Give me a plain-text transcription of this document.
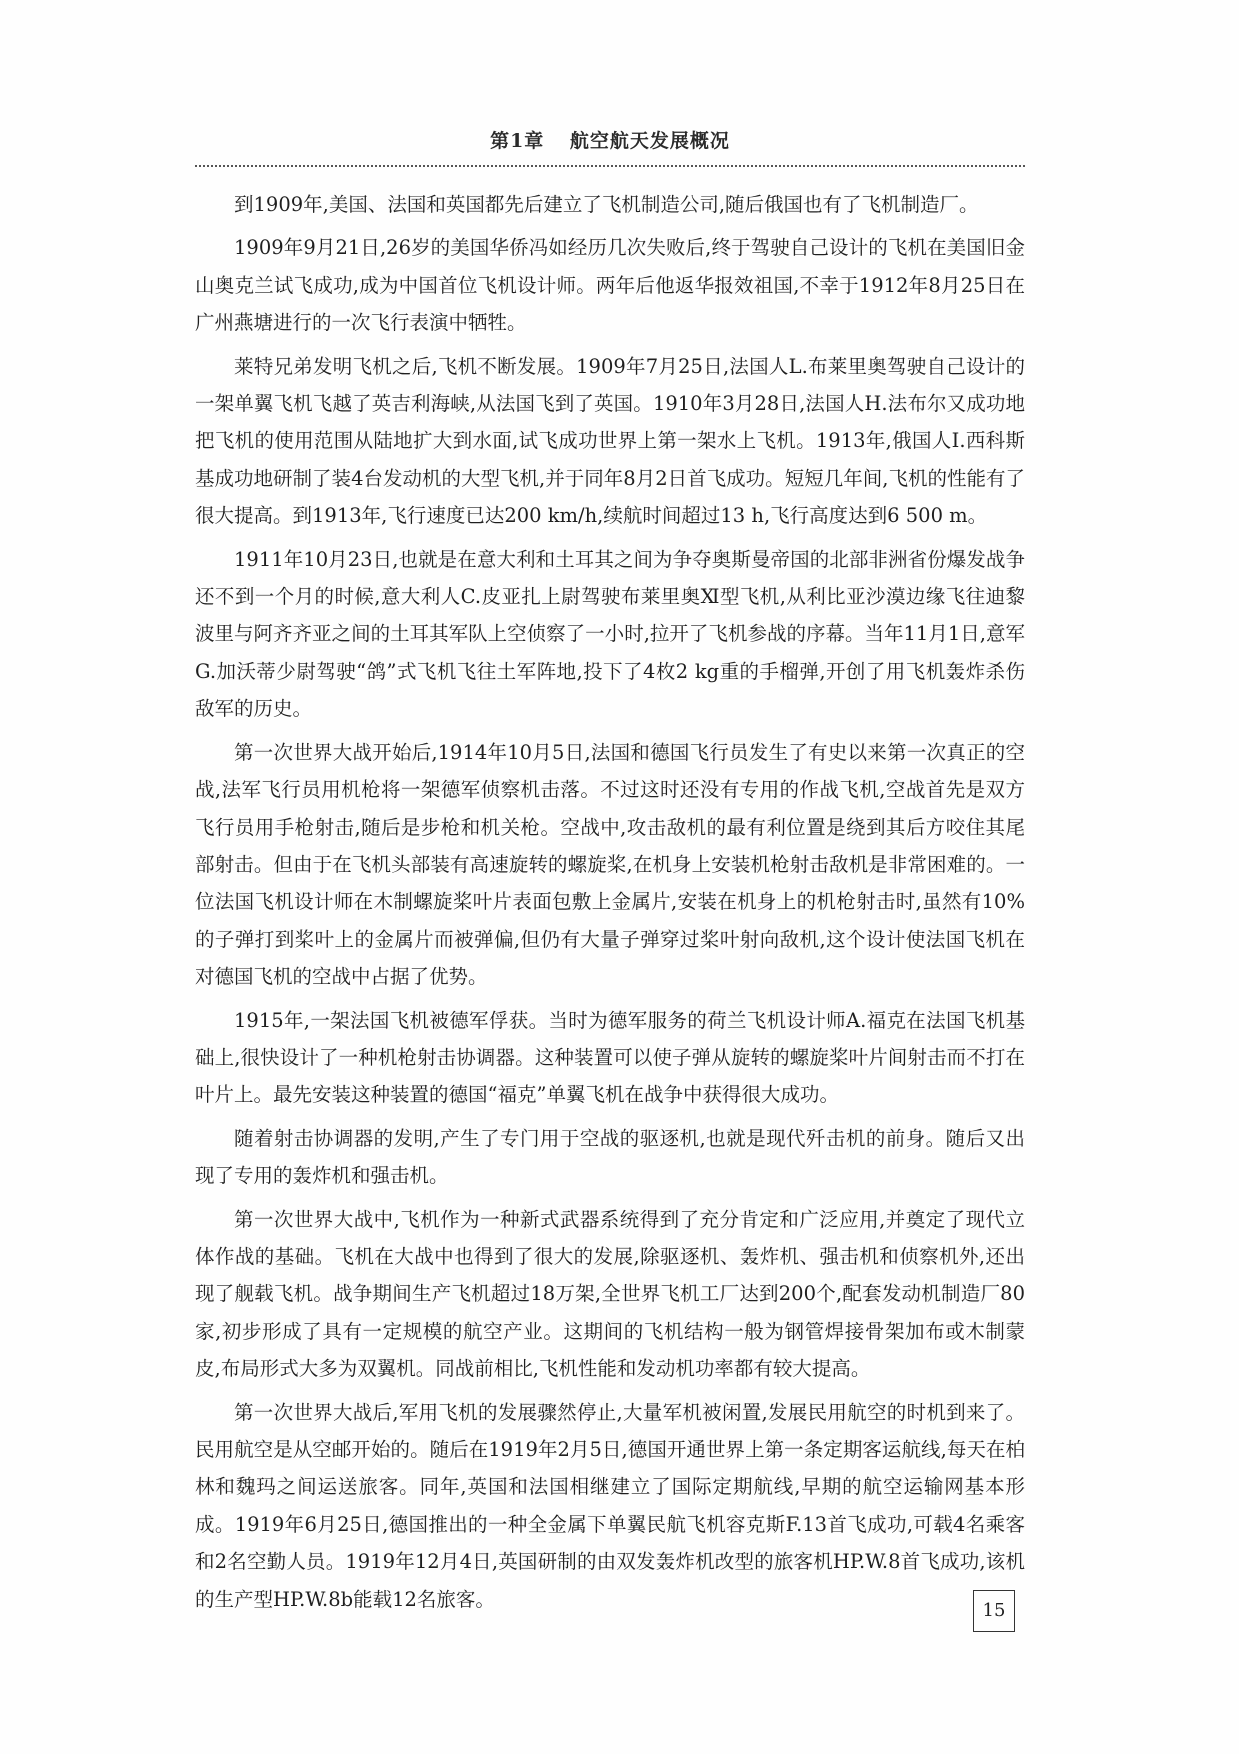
第1章 航空航天发展概况

到1909年,美国、法国和英国都先后建立了飞机制造公司,随后俄国也有了飞机制造厂。

1909年9月21日,26岁的美国华侨冯如经历几次失败后,终于驾驶自己设计的飞机在美国旧金山奥克兰试飞成功,成为中国首位飞机设计师。两年后他返华报效祖国,不幸于1912年8月25日在广州燕塘进行的一次飞行表演中牺牲。

莱特兄弟发明飞机之后,飞机不断发展。1909年7月25日,法国人L.布莱里奥驾驶自己设计的一架单翼飞机飞越了英吉利海峡,从法国飞到了英国。1910年3月28日,法国人H.法布尔又成功地把飞机的使用范围从陆地扩大到水面,试飞成功世界上第一架水上飞机。1913年,俄国人I.西科斯基成功地研制了装4台发动机的大型飞机,并于同年8月2日首飞成功。短短几年间,飞机的性能有了很大提高。到1913年,飞行速度已达200 km/h,续航时间超过13 h,飞行高度达到6 500 m。

1911年10月23日,也就是在意大利和土耳其之间为争夺奥斯曼帝国的北部非洲省份爆发战争还不到一个月的时候,意大利人C.皮亚扎上尉驾驶布莱里奥Ⅺ型飞机,从利比亚沙漠边缘飞往迪黎波里与阿齐齐亚之间的土耳其军队上空侦察了一小时,拉开了飞机参战的序幕。当年11月1日,意军G.加沃蒂少尉驾驶“鸽”式飞机飞往土军阵地,投下了4枚2 kg重的手榴弹,开创了用飞机轰炸杀伤敌军的历史。

第一次世界大战开始后,1914年10月5日,法国和德国飞行员发生了有史以来第一次真正的空战,法军飞行员用机枪将一架德军侦察机击落。不过这时还没有专用的作战飞机,空战首先是双方飞行员用手枪射击,随后是步枪和机关枪。空战中,攻击敌机的最有利位置是绕到其后方咬住其尾部射击。但由于在飞机头部装有高速旋转的螺旋桨,在机身上安装机枪射击敌机是非常困难的。一位法国飞机设计师在木制螺旋桨叶片表面包敷上金属片,安装在机身上的机枪射击时,虽然有10%的子弹打到桨叶上的金属片而被弹偏,但仍有大量子弹穿过桨叶射向敌机,这个设计使法国飞机在对德国飞机的空战中占据了优势。

1915年,一架法国飞机被德军俘获。当时为德军服务的荷兰飞机设计师A.福克在法国飞机基础上,很快设计了一种机枪射击协调器。这种装置可以使子弹从旋转的螺旋桨叶片间射击而不打在叶片上。最先安装这种装置的德国“福克”单翼飞机在战争中获得很大成功。

随着射击协调器的发明,产生了专门用于空战的驱逐机,也就是现代歼击机的前身。随后又出现了专用的轰炸机和强击机。

第一次世界大战中,飞机作为一种新式武器系统得到了充分肯定和广泛应用,并奠定了现代立体作战的基础。飞机在大战中也得到了很大的发展,除驱逐机、轰炸机、强击机和侦察机外,还出现了舰载飞机。战争期间生产飞机超过18万架,全世界飞机工厂达到200个,配套发动机制造厂80家,初步形成了具有一定规模的航空产业。这期间的飞机结构一般为钢管焊接骨架加布或木制蒙皮,布局形式大多为双翼机。同战前相比,飞机性能和发动机功率都有较大提高。

第一次世界大战后,军用飞机的发展骤然停止,大量军机被闲置,发展民用航空的时机到来了。民用航空是从空邮开始的。随后在1919年2月5日,德国开通世界上第一条定期客运航线,每天在柏林和魏玛之间运送旅客。同年,英国和法国相继建立了国际定期航线,早期的航空运输网基本形成。1919年6月25日,德国推出的一种全金属下单翼民航飞机容克斯F.13首飞成功,可载4名乘客和2名空勤人员。1919年12月4日,英国研制的由双发轰炸机改型的旅客机HP.W.8首飞成功,该机的生产型HP.W.8b能载12名旅客。	15
